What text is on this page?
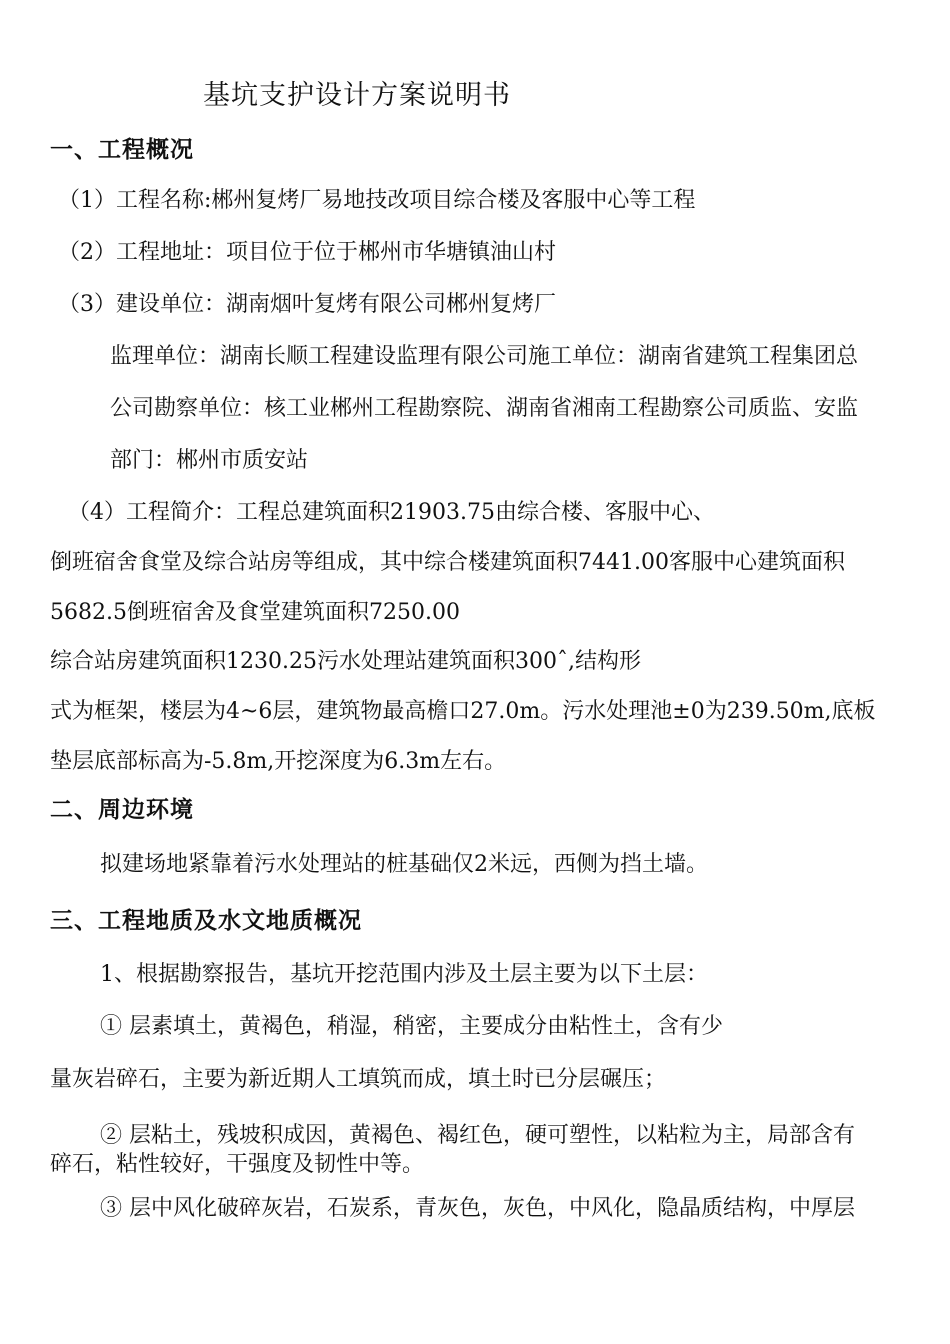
基坑支护设计方案说明书
一、工程概况
（1）工程名称:郴州复烤厂易地技改项目综合楼及客服中心等工程
（2）工程地址：项目位于位于郴州市华塘镇油山村
（3）建设单位：湖南烟叶复烤有限公司郴州复烤厂
监理单位：湖南长顺工程建设监理有限公司施工单位：湖南省建筑工程集团总
公司勘察单位：核工业郴州工程勘察院、湖南省湘南工程勘察公司质监、安监
部门：郴州市质安站
（4）工程简介：工程总建筑面积21903.75由综合楼、客服中心、
倒班宿舍食堂及综合站房等组成，其中综合楼建筑面积7441.00客服中心建筑面积
5682.5倒班宿舍及食堂建筑面积7250.00
综合站房建筑面积1230.25污水处理站建筑面积300ˆ,结构形
式为框架，楼层为4~6层，建筑物最高檐口27.0m。污水处理池±0为239.50m,底板
垫层底部标高为-5.8m,开挖深度为6.3m左右。
二、周边环境
拟建场地紧靠着污水处理站的桩基础仅2米远，西侧为挡土墙。
三、工程地质及水文地质概况
1、根据勘察报告，基坑开挖范围内涉及土层主要为以下土层：
① 层素填土，黄褐色，稍湿，稍密，主要成分由粘性土，含有少
量灰岩碎石，主要为新近期人工填筑而成，填土时已分层碾压；
② 层粘土，残坡积成因，黄褐色、褐红色，硬可塑性，以粘粒为主，局部含有
碎石，粘性较好，干强度及韧性中等。
③ 层中风化破碎灰岩，石炭系，青灰色，灰色，中风化，隐晶质结构，中厚层
